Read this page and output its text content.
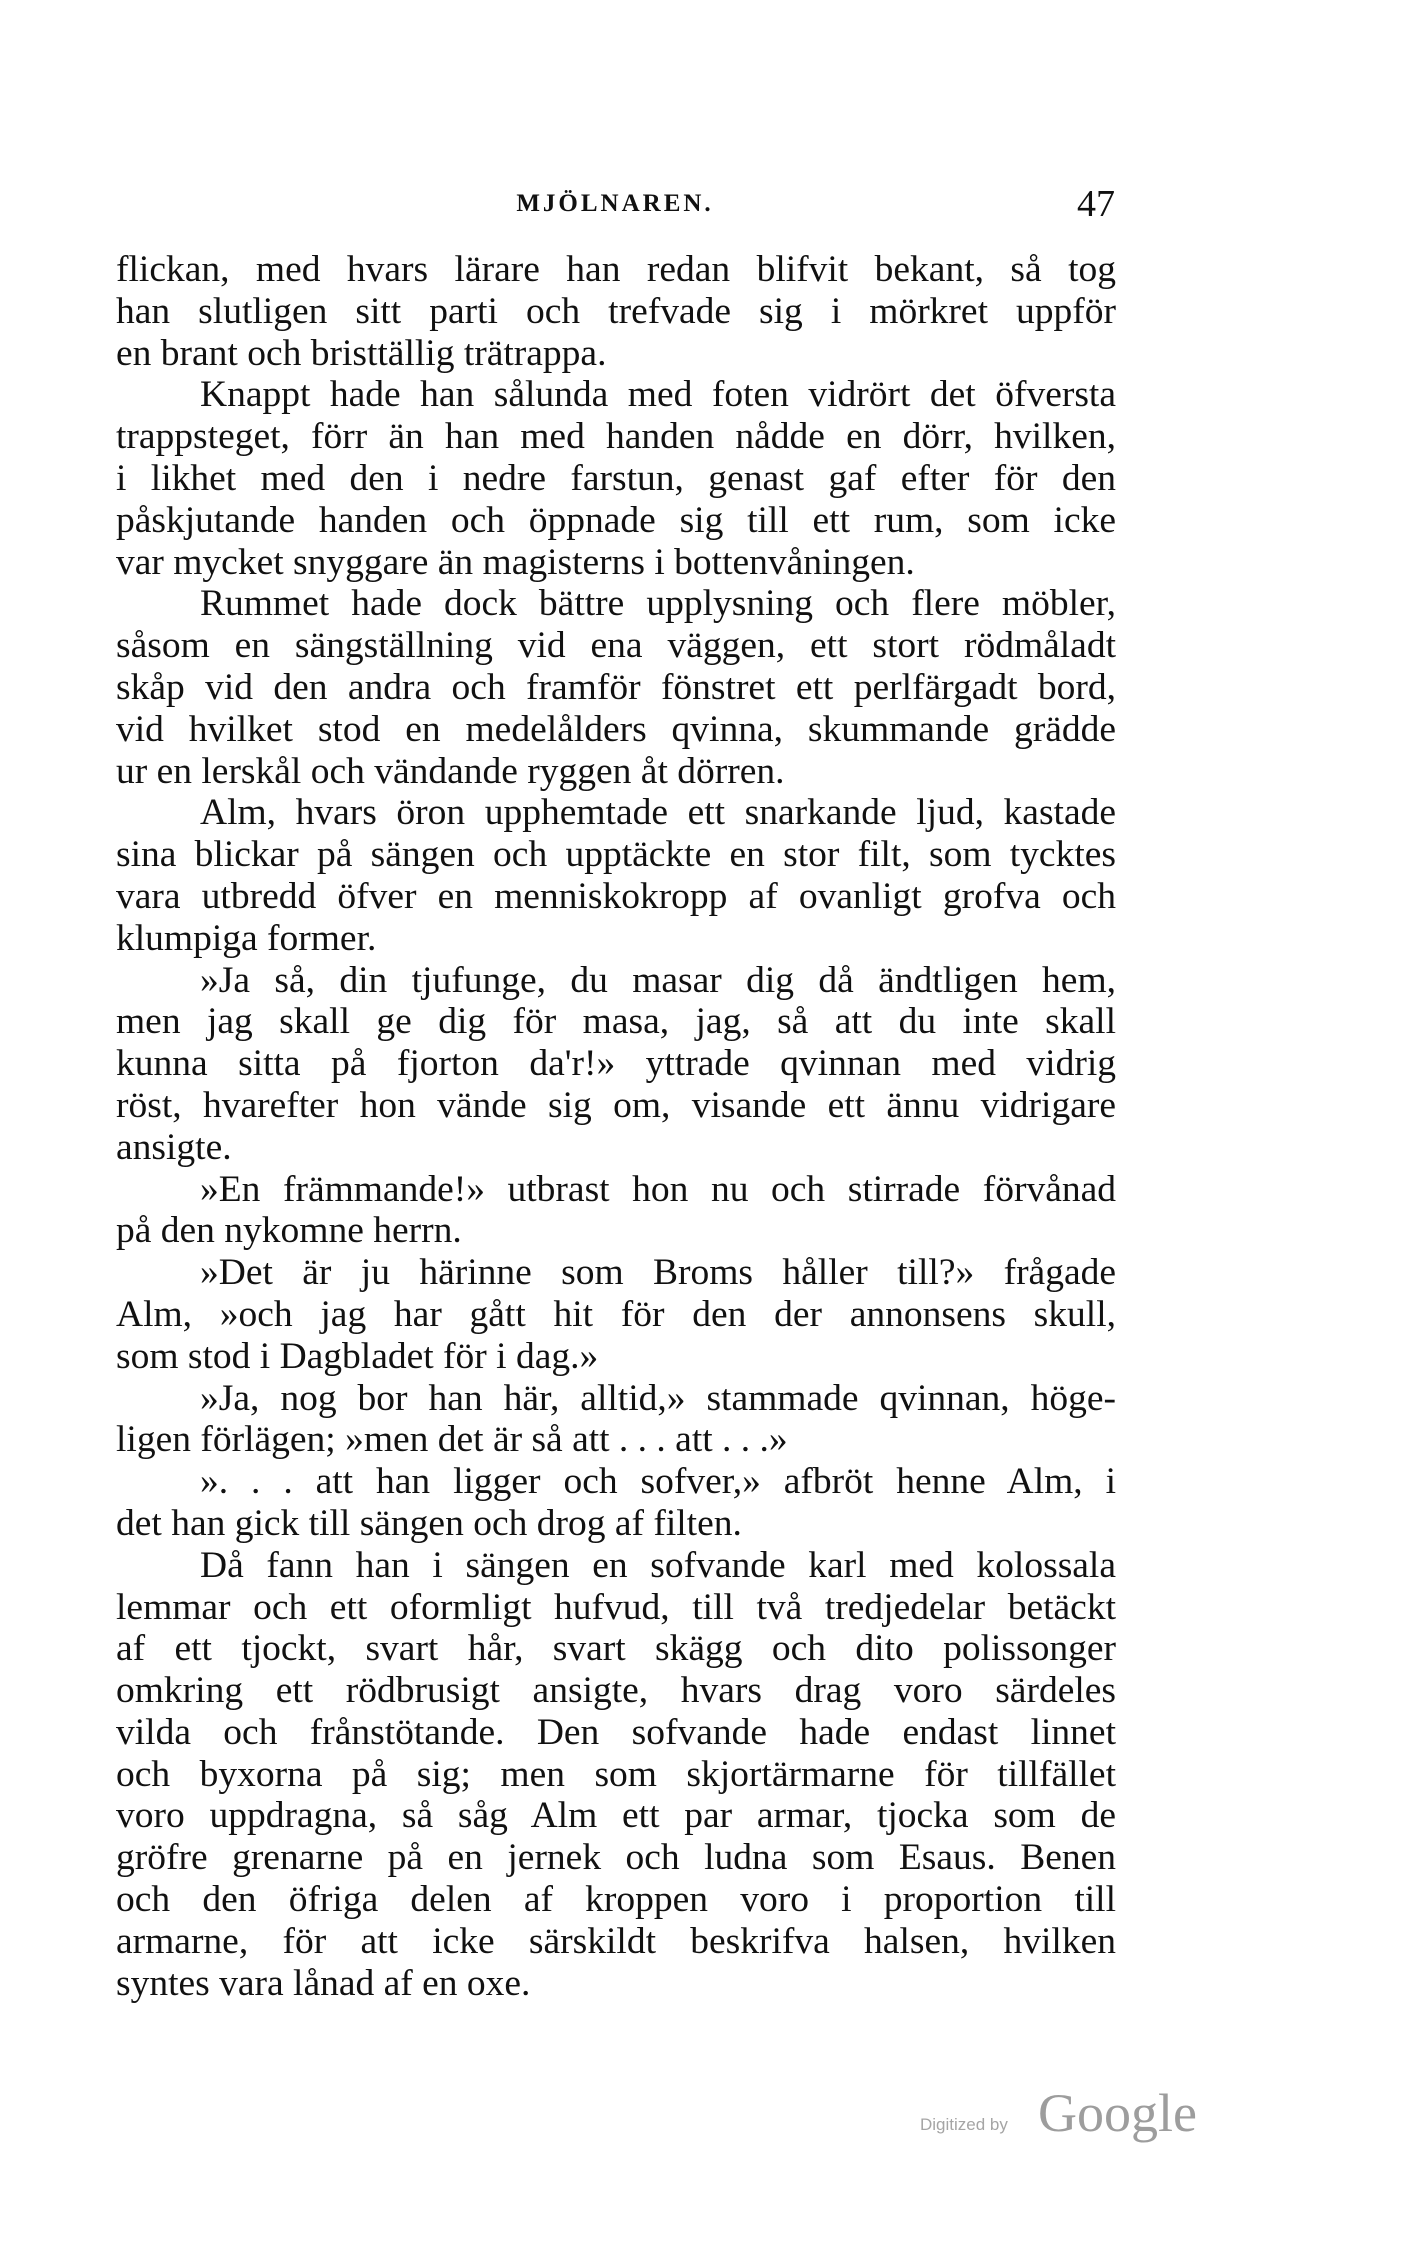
MJÖLNAREN.	47
flickan, med hvars lärare han redan blifvit bekant, så tog
han slutligen sitt parti och trefvade sig i mörkret uppför
en brant och bristtällig trätrappa.
Knappt hade han sålunda med foten vidrört det öfversta
trappsteget, förr än han med handen nådde en dörr, hvilken,
i likhet med den i nedre farstun, genast gaf efter för den
påskjutande handen och öppnade sig till ett rum, som icke
var mycket snyggare än magisterns i bottenvåningen.
Rummet hade dock bättre upplysning och flere möbler,
såsom en sängställning vid ena väggen, ett stort rödmåladt
skåp vid den andra och framför fönstret ett perlfärgadt bord,
vid hvilket stod en medelålders qvinna, skummande grädde
ur en lerskål och vändande ryggen åt dörren.
Alm, hvars öron upphemtade ett snarkande ljud, kastade
sina blickar på sängen och upptäckte en stor filt, som tycktes
vara utbredd öfver en menniskokropp af ovanligt grofva och
klumpiga former.
»Ja så, din tjufunge, du masar dig då ändtligen hem,
men jag skall ge dig för masa, jag, så att du inte skall
kunna sitta på fjorton da'r!» yttrade qvinnan med vidrig
röst, hvarefter hon vände sig om, visande ett ännu vidrigare
ansigte.
»En främmande!» utbrast hon nu och stirrade förvånad
på den nykomne herrn.
»Det är ju härinne som Broms håller till?» frågade
Alm, »och jag har gått hit för den der annonsens skull,
som stod i Dagbladet för i dag.»
»Ja, nog bor han här, alltid,» stammade qvinnan, höge-
ligen förlägen; »men det är så att . . . att . . .»
». . . att han ligger och sofver,» afbröt henne Alm, i
det han gick till sängen och drog af filten.
Då fann han i sängen en sofvande karl med kolossala
lemmar och ett oformligt hufvud, till två tredjedelar betäckt
af ett tjockt, svart hår, svart skägg och dito polissonger
omkring ett rödbrusigt ansigte, hvars drag voro särdeles
vilda och frånstötande. Den sofvande hade endast linnet
och byxorna på sig; men som skjortärmarne för tillfället
voro uppdragna, så såg Alm ett par armar, tjocka som de
gröfre grenarne på en jernek och ludna som Esaus. Benen
och den öfriga delen af kroppen voro i proportion till
armarne, för att icke särskildt beskrifva halsen, hvilken
syntes vara lånad af en oxe.
Digitized by Google
